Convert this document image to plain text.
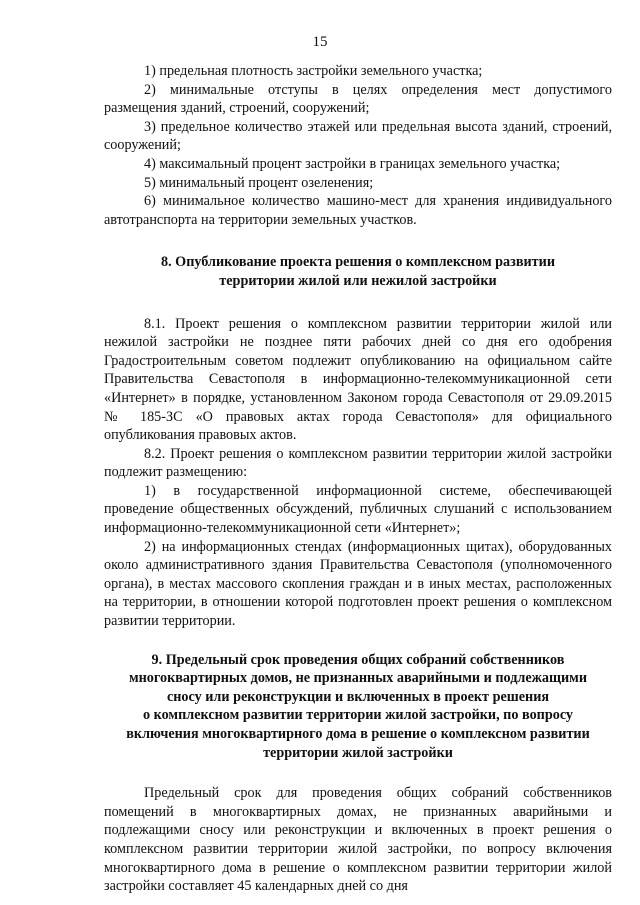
15

1) предельная плотность застройки земельного участка;

2) минимальные отступы в целях определения мест допустимого размещения зданий, строений, сооружений;

3) предельное количество этажей или предельная высота зданий, строений, сооружений;

4) максимальный процент застройки в границах земельного участка;

5) минимальный процент озеленения;

6) минимальное количество машино-мест для хранения индивидуального автотранспорта на территории земельных участков.

8. Опубликование проекта решения о комплексном развитии территории жилой или нежилой застройки

8.1. Проект решения о комплексном развитии территории жилой или нежилой застройки не позднее пяти рабочих дней со дня его одобрения Градостроительным советом подлежит опубликованию на официальном сайте Правительства Севастополя в информационно-телекоммуникационной сети «Интернет» в порядке, установленном Законом города Севастополя от 29.09.2015 № 185-ЗС «О правовых актах города Севастополя» для официального опубликования правовых актов.

8.2. Проект решения о комплексном развитии территории жилой застройки подлежит размещению:

1) в государственной информационной системе, обеспечивающей проведение общественных обсуждений, публичных слушаний с использованием информационно-телекоммуникационной сети «Интернет»;

2) на информационных стендах (информационных щитах), оборудованных около административного здания Правительства Севастополя (уполномоченного органа), в местах массового скопления граждан и в иных местах, расположенных на территории, в отношении которой подготовлен проект решения о комплексном развитии территории.

9. Предельный срок проведения общих собраний собственников
многоквартирных домов, не признанных аварийными и подлежащими
сносу или реконструкции и включенных в проект решения
о комплексном развитии территории жилой застройки, по вопросу
включения многоквартирного дома в решение о комплексном развитии
территории жилой застройки

Предельный срок для проведения общих собраний собственников помещений в многоквартирных домах, не признанных аварийными и подлежащими сносу или реконструкции и включенных в проект решения о комплексном развитии территории жилой застройки, по вопросу включения многоквартирного дома в решение о комплексном развитии территории жилой застройки составляет 45 календарных дней со дня
